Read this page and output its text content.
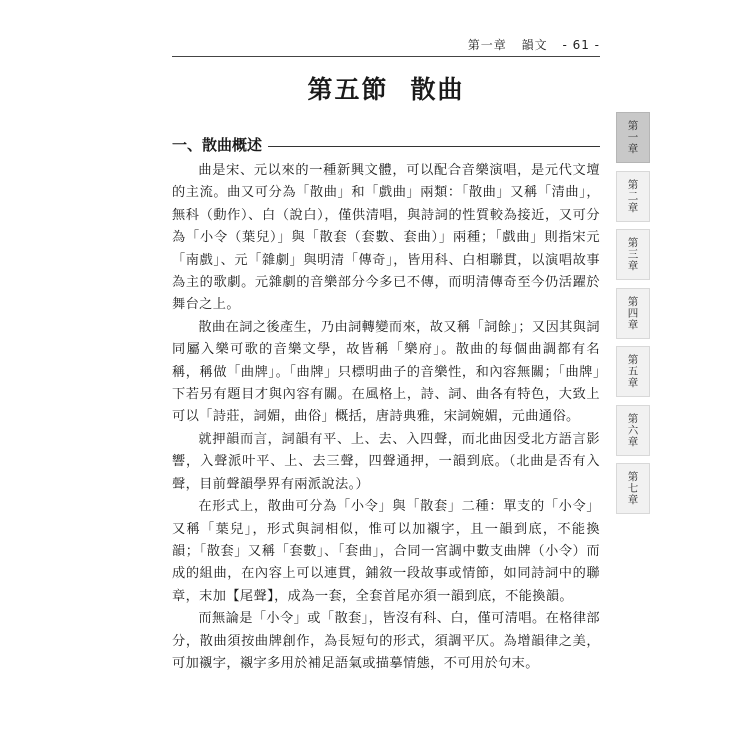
第一章 韻文 - 61 -
第五節 散曲
一、散曲概述

曲是宋、元以來的一種新興文體，可以配合音樂演唱，是元代文壇的主流。曲又可分為「散曲」和「戲曲」兩類：「散曲」又稱「清曲」，無科（動作）、白（說白），僅供清唱，與詩詞的性質較為接近，又可分為「小令（葉兒）」與「散套（套數、套曲）」兩種；「戲曲」則指宋元「南戲」、元「雜劇」與明清「傳奇」，皆用科、白相聯貫，以演唱故事為主的歌劇。元雜劇的音樂部分今多已不傳，而明清傳奇至今仍活躍於舞台之上。

散曲在詞之後產生，乃由詞轉變而來，故又稱「詞餘」；又因其與詞同屬入樂可歌的音樂文學，故皆稱「樂府」。散曲的每個曲調都有名稱，稱做「曲牌」。「曲牌」只標明曲子的音樂性，和內容無關；「曲牌」下若另有題目才與內容有關。在風格上，詩、詞、曲各有特色，大致上可以「詩莊，詞媚，曲俗」概括，唐詩典雅，宋詞婉媚，元曲通俗。

就押韻而言，詞韻有平、上、去、入四聲，而北曲因受北方語言影響，入聲派叶平、上、去三聲，四聲通押，一韻到底。（北曲是否有入聲，目前聲韻學界有兩派說法。）

在形式上，散曲可分為「小令」與「散套」二種：單支的「小令」又稱「葉兒」，形式與詞相似，惟可以加襯字，且一韻到底，不能換韻；「散套」又稱「套數」、「套曲」，合同一宮調中數支曲牌（小令）而成的組曲，在內容上可以連貫，鋪敘一段故事或情節，如同詩詞中的聯章，末加【尾聲】，成為一套，全套首尾亦須一韻到底，不能換韻。

而無論是「小令」或「散套」，皆沒有科、白，僅可清唱。在格律部分，散曲須按曲牌創作，為長短句的形式，須調平仄。為增韻律之美，可加襯字，襯字多用於補足語氣或描摹情態，不可用於句末。

第一章
第二章
第三章
第四章
第五章
第六章
第七章
